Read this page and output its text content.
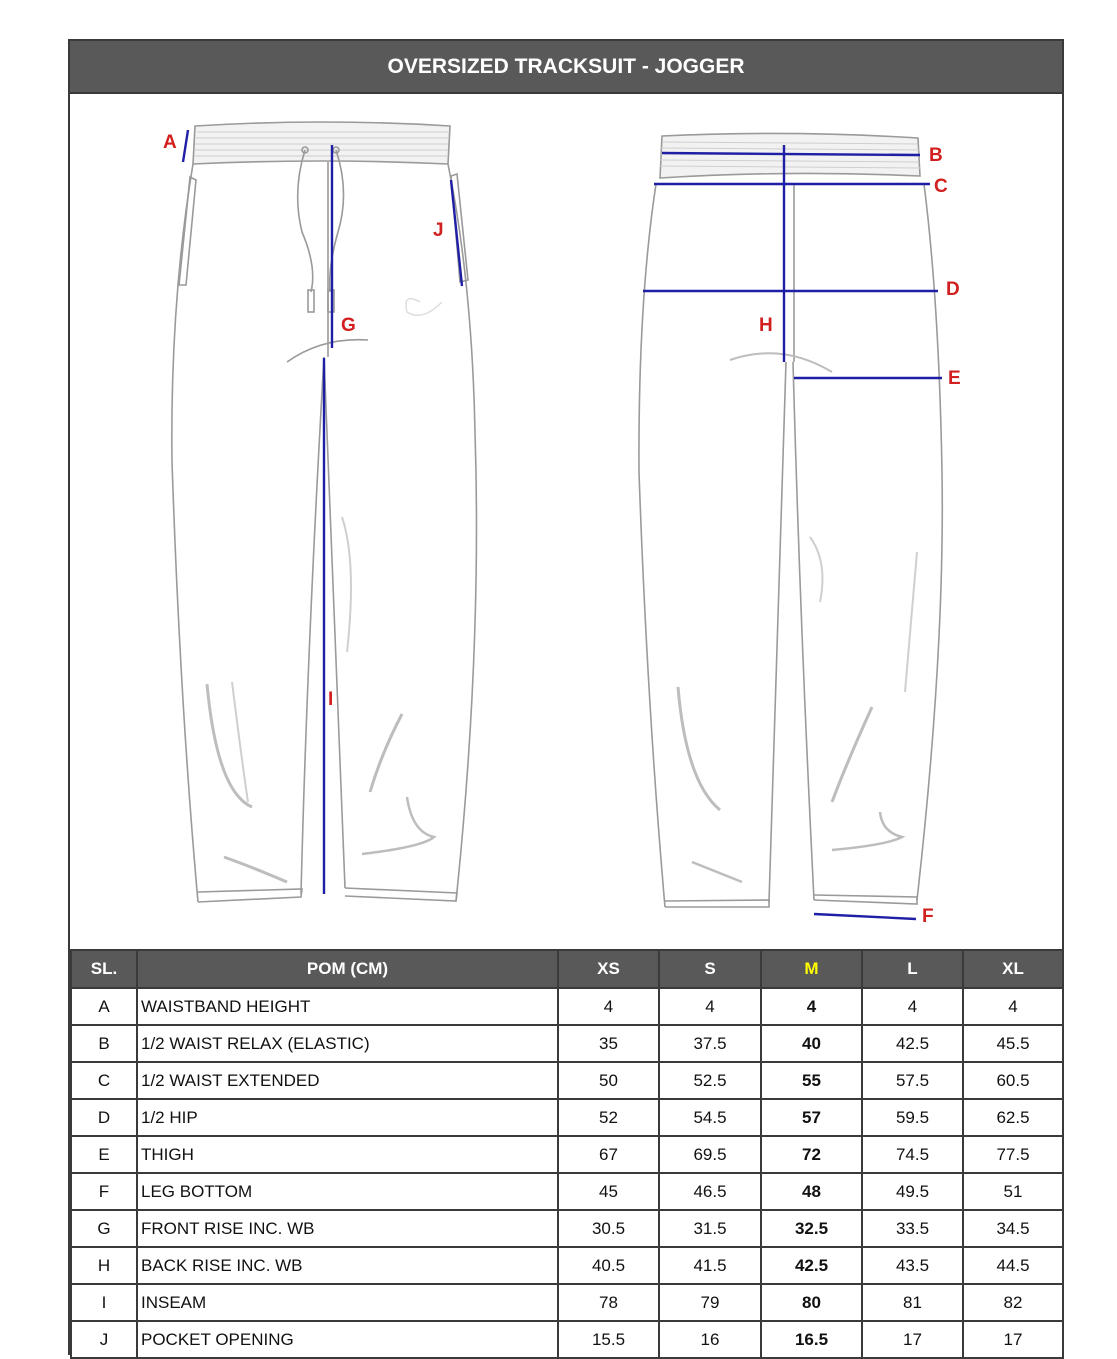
OVERSIZED TRACKSUIT - JOGGER
A
G
J
I
B
C
D
E
H
F
SL.	POM (CM)	XS	S	M	L	XL
A	WAISTBAND HEIGHT	4	4	4	4	4
B	1/2 WAIST RELAX (ELASTIC)	35	37.5	40	42.5	45.5
C	1/2 WAIST EXTENDED	50	52.5	55	57.5	60.5
D	1/2 HIP	52	54.5	57	59.5	62.5
E	THIGH	67	69.5	72	74.5	77.5
F	LEG BOTTOM	45	46.5	48	49.5	51
G	FRONT RISE INC. WB	30.5	31.5	32.5	33.5	34.5
H	BACK RISE INC. WB	40.5	41.5	42.5	43.5	44.5
I	INSEAM	78	79	80	81	82
J	POCKET OPENING	15.5	16	16.5	17	17
